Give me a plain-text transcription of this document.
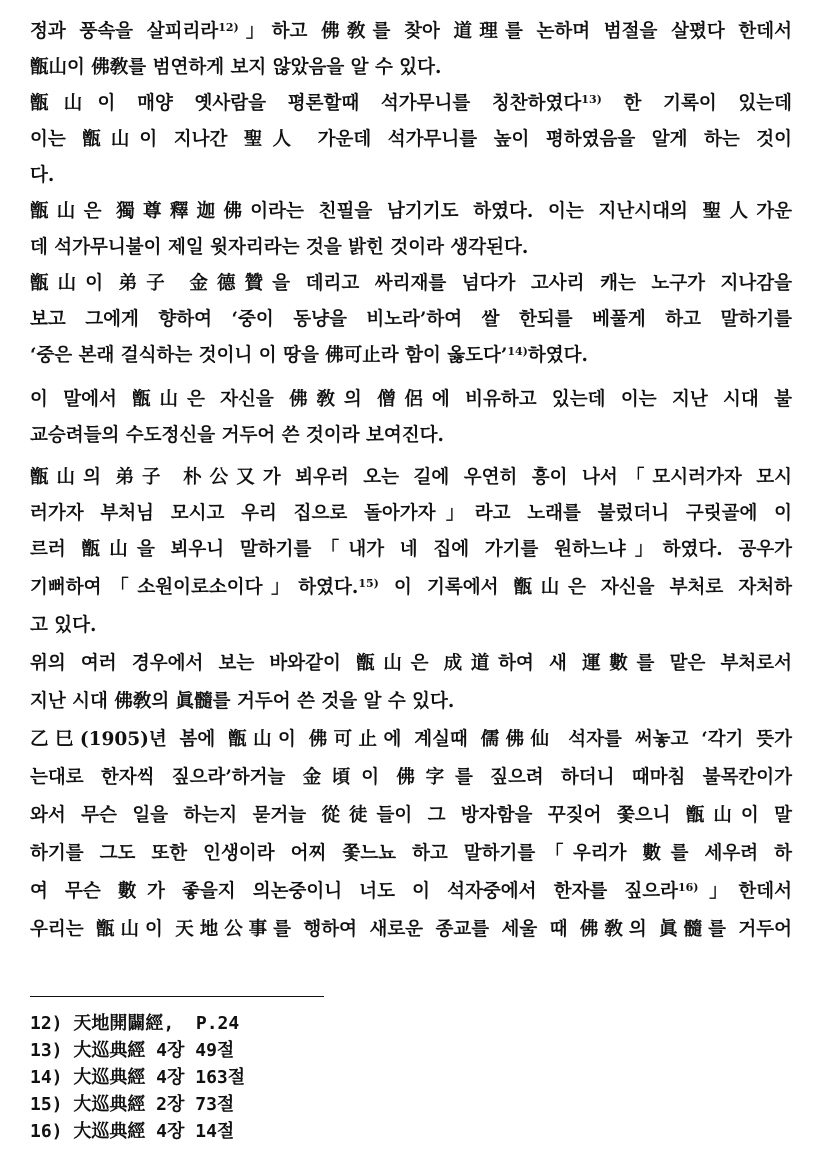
정과 풍속을 살피리라$^{12)}$」하고 佛敎를 찾아 道理를 논하며 범절을 살폈다 한데서
甑山이 佛敎를 범연하게 보지 않았음을 알 수 있다.
甑山이 매양 옛사람을 평론할때 석가무니를 칭찬하였다$^{13)}$ 한 기록이 있는데
이는 甑山이 지나간 聖人 가운데 석가무니를 높이 평하였음을 알게 하는 것이
다.
甑山은 獨尊釋迦佛이라는 친필을 남기기도 하였다. 이는 지난시대의 聖人가운
데 석가무니불이 제일 윗자리라는 것을 밝힌 것이라 생각된다.
甑山이 弟子 金德贊을 데리고 싸리재를 넘다가 고사리 캐는 노구가 지나감을
보고 그에게 향하여 ‘중이 동냥을 비노라’하여 쌀 한되를 베풀게 하고 말하기를
‘중은 본래 걸식하는 것이니 이 땅을 佛可止라 함이 옳도다’$^{14)}$하였다.
이 말에서 甑山은 자신을 佛敎의 僧侶에 비유하고 있는데 이는 지난 시대 불
교승려들의 수도정신을 거두어 쓴 것이라 보여진다.
甑山의 弟子 朴公又가 뵈우러 오는 길에 우연히 흥이 나서「모시러가자 모시
러가자 부처님 모시고 우리 집으로 돌아가자」라고 노래를 불렀더니 구릿골에 이
르러 甑山을 뵈우니 말하기를「내가 네 집에 가기를 원하느냐」하였다. 공우가
기뻐하여「소원이로소이다」하였다.$^{15)}$ 이 기록에서 甑山은 자신을 부처로 자처하
고 있다.
위의 여러 경우에서 보는 바와같이 甑山은 成道하여 새 運數를 맡은 부처로서
지난 시대 佛敎의 眞髓를 거두어 쓴 것을 알 수 있다.
乙巳(1905)년 봄에 甑山이 佛可止에 계실때 儒佛仙 석자를 써놓고 ‘각기 뜻가
는대로 한자씩 짚으라’하거늘 金頃이 佛字를 짚으려 하더니 때마침 불목칸이가
와서 무슨 일을 하는지 묻거늘 從徒들이 그 방자함을 꾸짖어 쫓으니 甑山이 말
하기를 그도 또한 인생이라 어찌 쫓느뇨 하고 말하기를「우리가 數를 세우려 하
여 무슨 數가 좋을지 의논중이니 너도 이 석자중에서 한자를 짚으라$^{16)}$」한데서
우리는 甑山이 天地公事를 행하여 새로운 종교를 세울 때 佛敎의 眞髓를 거두어
12) 天地開闢經,  P.24
13) 大巡典經 4장 49절
14) 大巡典經 4장 163절
15) 大巡典經 2장 73절
16) 大巡典經 4장 14절
